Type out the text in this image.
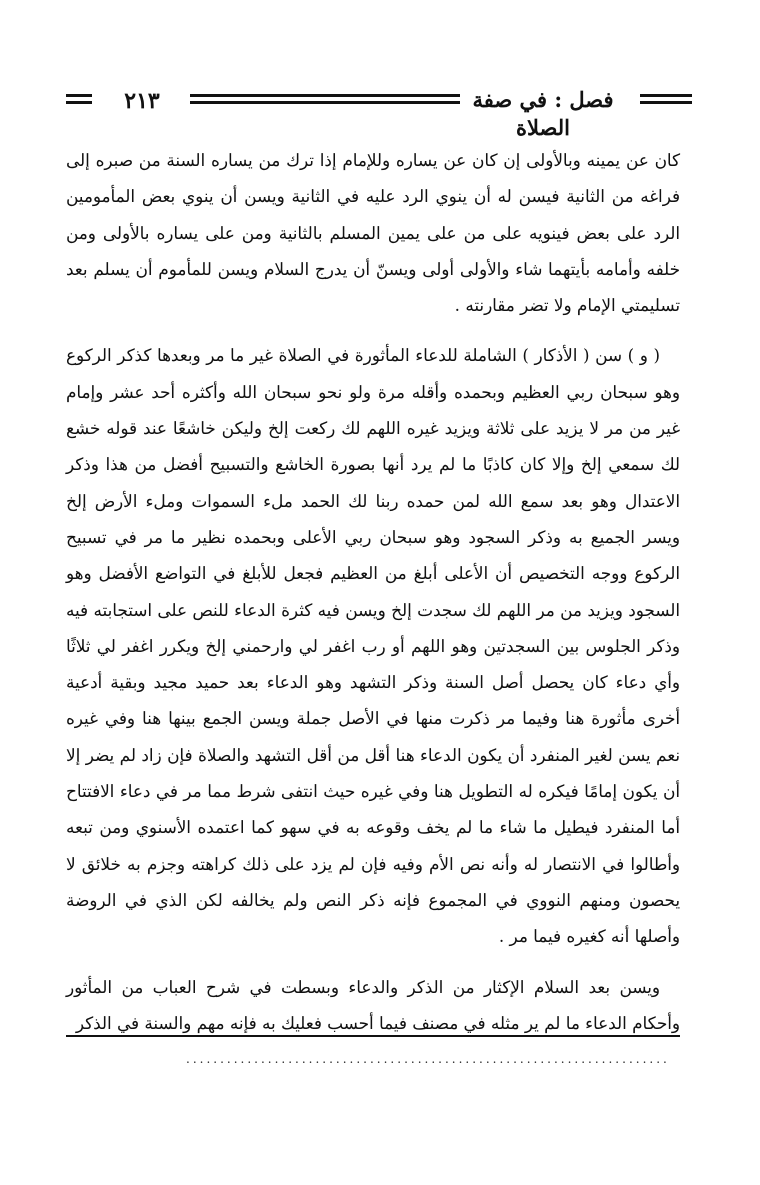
٢١٣	فصل : في صفة الصلاة

كان عن يمينه وبالأولى إن كان عن يساره وللإمام إذا ترك من يساره السنة من صبره إلى فراغه من الثانية فيسن له أن ينوي الرد عليه في الثانية ويسن أن ينوي بعض المأمومين الرد على بعض فينويه على من على يمين المسلم بالثانية ومن على يساره بالأولى ومن خلفه وأمامه بأيتهما شاء والأولى أولى ويسنّ أن يدرج السلام ويسن للمأموم أن يسلم بعد تسليمتي الإمام ولا تضر مقارنته .

( و ) سن ( الأذكار ) الشاملة للدعاء المأثورة في الصلاة غير ما مر وبعدها كذكر الركوع وهو سبحان ربي العظيم وبحمده وأقله مرة ولو نحو سبحان الله وأكثره أحد عشر وإمام غير من مر لا يزيد على ثلاثة ويزيد غيره اللهم لك ركعت إلخ وليكن خاشعًا عند قوله خشع لك سمعي إلخ وإلا كان كاذبًا ما لم يرد أنها بصورة الخاشع والتسبيح أفضل من هذا وذكر الاعتدال وهو بعد سمع الله لمن حمده ربنا لك الحمد ملء السموات وملء الأرض إلخ ويسر الجميع به وذكر السجود وهو سبحان ربي الأعلى وبحمده نظير ما مر في تسبيح الركوع ووجه التخصيص أن الأعلى أبلغ من العظيم فجعل للأبلغ في التواضع الأفضل وهو السجود ويزيد من مر اللهم لك سجدت إلخ ويسن فيه كثرة الدعاء للنص على استجابته فيه وذكر الجلوس بين السجدتين وهو اللهم أو رب اغفر لي وارحمني إلخ ويكرر اغفر لي ثلاثًا وأي دعاء كان يحصل أصل السنة وذكر التشهد وهو الدعاء بعد حميد مجيد وبقية أدعية أخرى مأثورة هنا وفيما مر ذكرت منها في الأصل جملة ويسن الجمع بينها هنا وفي غيره نعم يسن لغير المنفرد أن يكون الدعاء هنا أقل من أقل التشهد والصلاة فإن زاد لم يضر إلا أن يكون إمامًا فيكره له التطويل هنا وفي غيره حيث انتفى شرط مما مر في دعاء الافتتاح أما المنفرد فيطيل ما شاء ما لم يخف وقوعه به في سهو كما اعتمده الأسنوي ومن تبعه وأطالوا في الانتصار له وأنه نص الأم وفيه فإن لم يزد على ذلك كراهته وجزم به خلائق لا يحصون ومنهم النووي في المجموع فإنه ذكر النص ولم يخالفه لكن الذي في الروضة وأصلها أنه كغيره فيما مر .

ويسن بعد السلام الإكثار من الذكر والدعاء وبسطت في شرح العباب من المأثور وأحكام الدعاء ما لم ير مثله في مصنف فيما أحسب فعليك به فإنه مهم والسنة في الذكر

.......................................................................
